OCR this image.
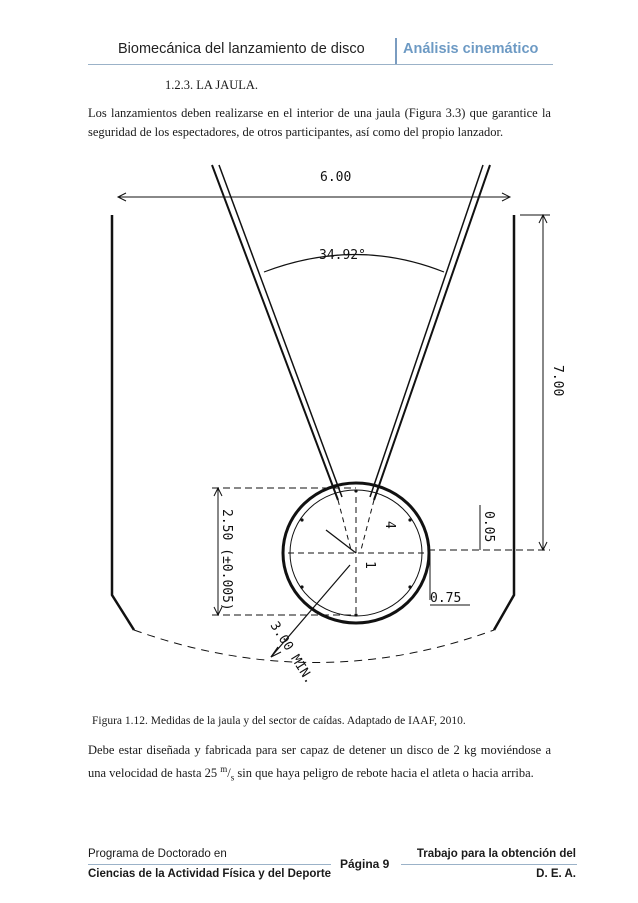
Biomecánica del lanzamiento de disco	Análisis cinemático
1.2.3. LA JAULA.
Los lanzamientos deben realizarse en el interior de una jaula (Figura 3.3) que garantice la seguridad de los espectadores, de otros participantes, así como del propio lanzador.
6.00
34.92°
7.00
2.50 (±0.005)	0.05
0.75
3.00 MIN.
1
4
Figura 1.12. Medidas de la jaula y del sector de caídas. Adaptado de IAAF, 2010.
Debe estar diseñada y fabricada para ser capaz de detener un disco de 2 kg moviéndose a una velocidad de hasta 25 $^m/_s$ sin que haya peligro de rebote hacia el atleta o hacia arriba.
Programa de Doctorado en
Ciencias de la Actividad Física y del Deporte
Página 9
Trabajo para la obtención del
D. E. A.
